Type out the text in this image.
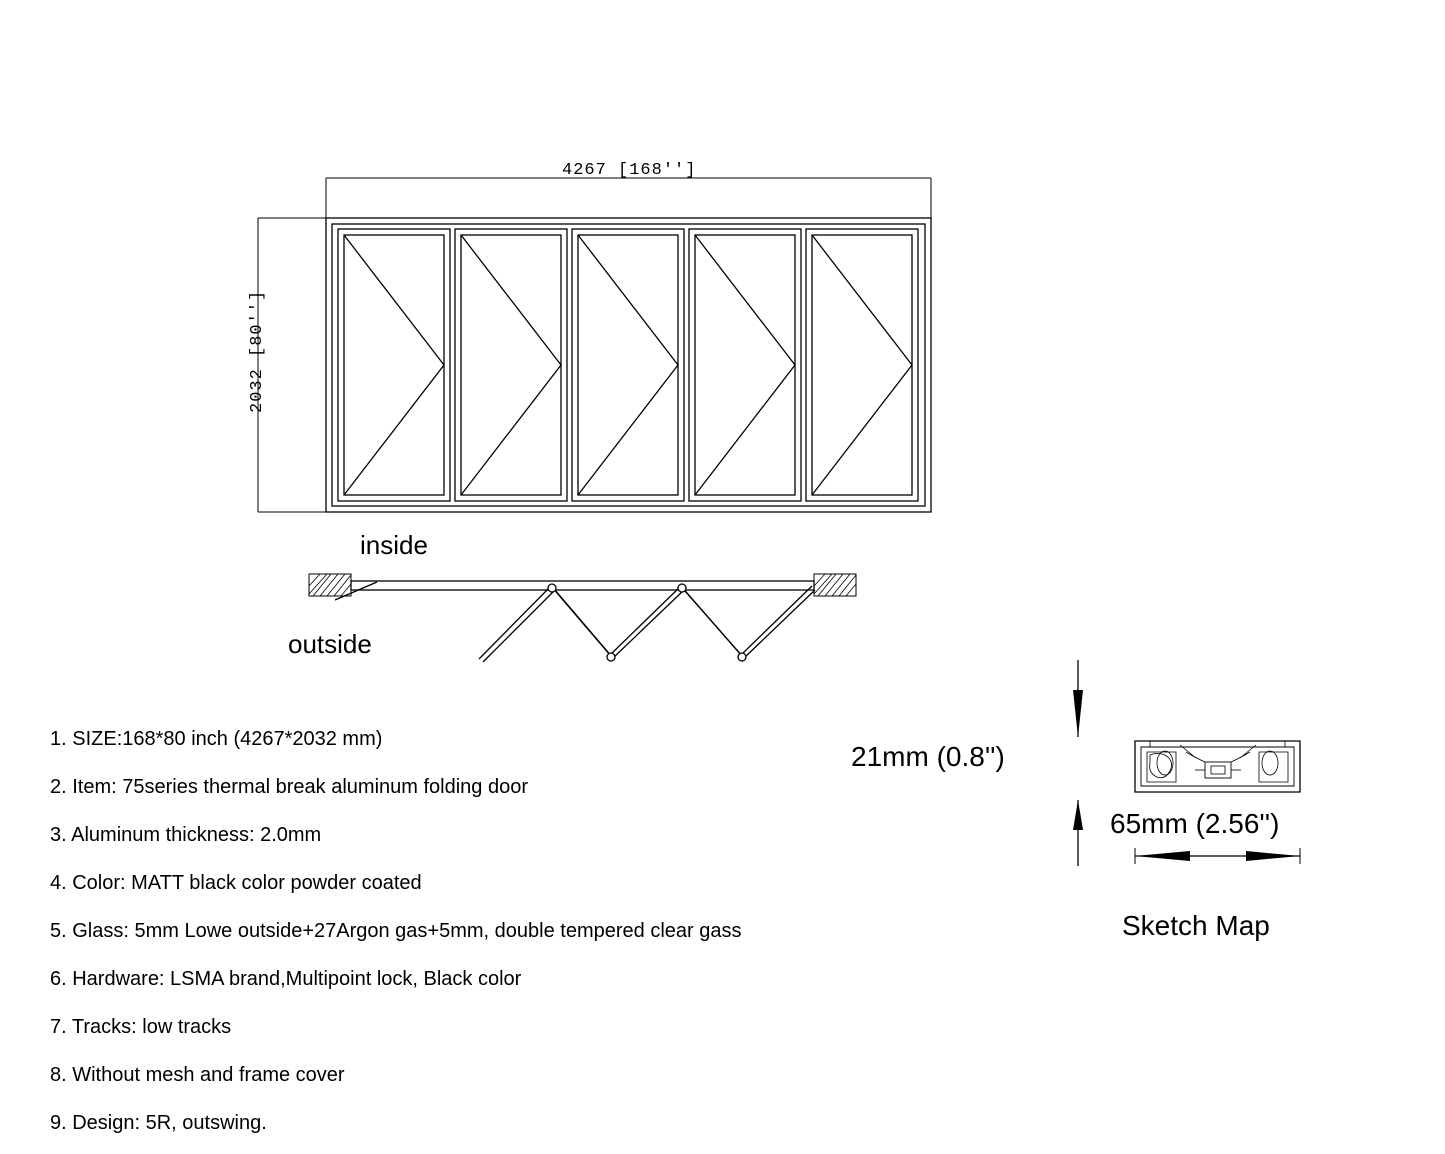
4267 [168'']
2032 [80'']
inside
outside
21mm (0.8'')
65mm (2.56'')
Sketch Map
1. SIZE:168*80 inch (4267*2032 mm)
2. Item: 75series thermal break aluminum folding door
3. Aluminum thickness: 2.0mm
4. Color: MATT black color powder coated
5. Glass: 5mm Lowe outside+27Argon gas+5mm, double tempered clear gass
6. Hardware: LSMA brand,Multipoint lock, Black color
7. Tracks: low tracks
8. Without mesh and frame cover
9. Design: 5R, outswing.
